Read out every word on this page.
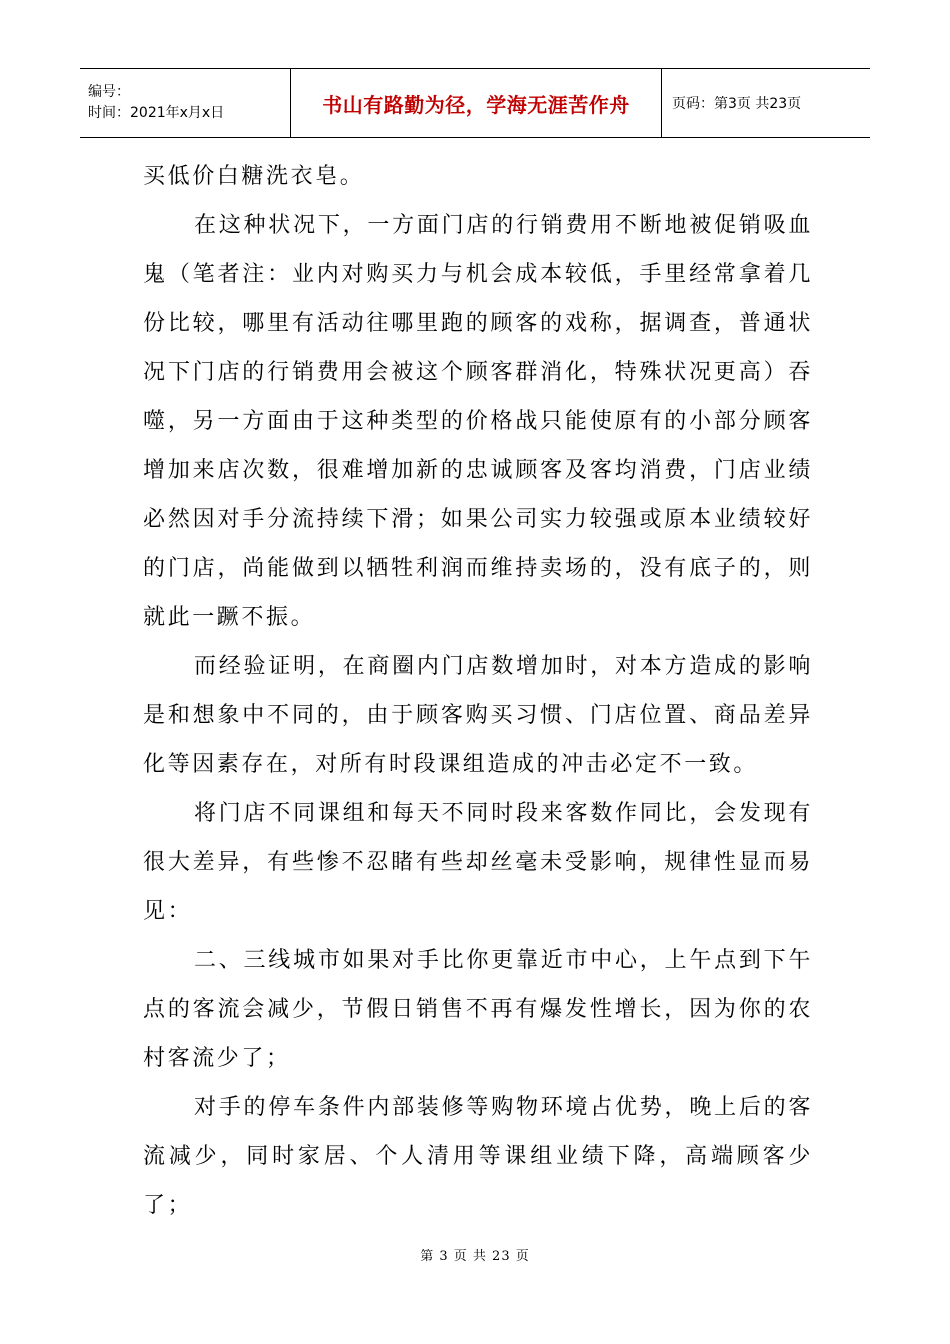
编号：
时间：2021年x月x日	书山有路勤为径，学海无涯苦作舟	页码：第3页 共23页

买低价白糖洗衣皂。

在这种状况下，一方面门店的行销费用不断地被促销吸血鬼（笔者注：业内对购买力与机会成本较低，手里经常拿着几份比较，哪里有活动往哪里跑的顾客的戏称，据调查，普通状况下门店的行销费用会被这个顾客群消化，特殊状况更高）吞噬，另一方面由于这种类型的价格战只能使原有的小部分顾客增加来店次数，很难增加新的忠诚顾客及客均消费，门店业绩必然因对手分流持续下滑；如果公司实力较强或原本业绩较好的门店，尚能做到以牺牲利润而维持卖场的，没有底子的，则就此一蹶不振。

而经验证明，在商圈内门店数增加时，对本方造成的影响是和想象中不同的，由于顾客购买习惯、门店位置、商品差异化等因素存在，对所有时段课组造成的冲击必定不一致。

将门店不同课组和每天不同时段来客数作同比，会发现有很大差异，有些惨不忍睹有些却丝毫未受影响，规律性显而易见：

二、三线城市如果对手比你更靠近市中心，上午点到下午点的客流会减少，节假日销售不再有爆发性增长，因为你的农村客流少了；

对手的停车条件内部装修等购物环境占优势，晚上后的客流减少，同时家居、个人清用等课组业绩下降，高端顾客少了；

第 3 页 共 23 页
